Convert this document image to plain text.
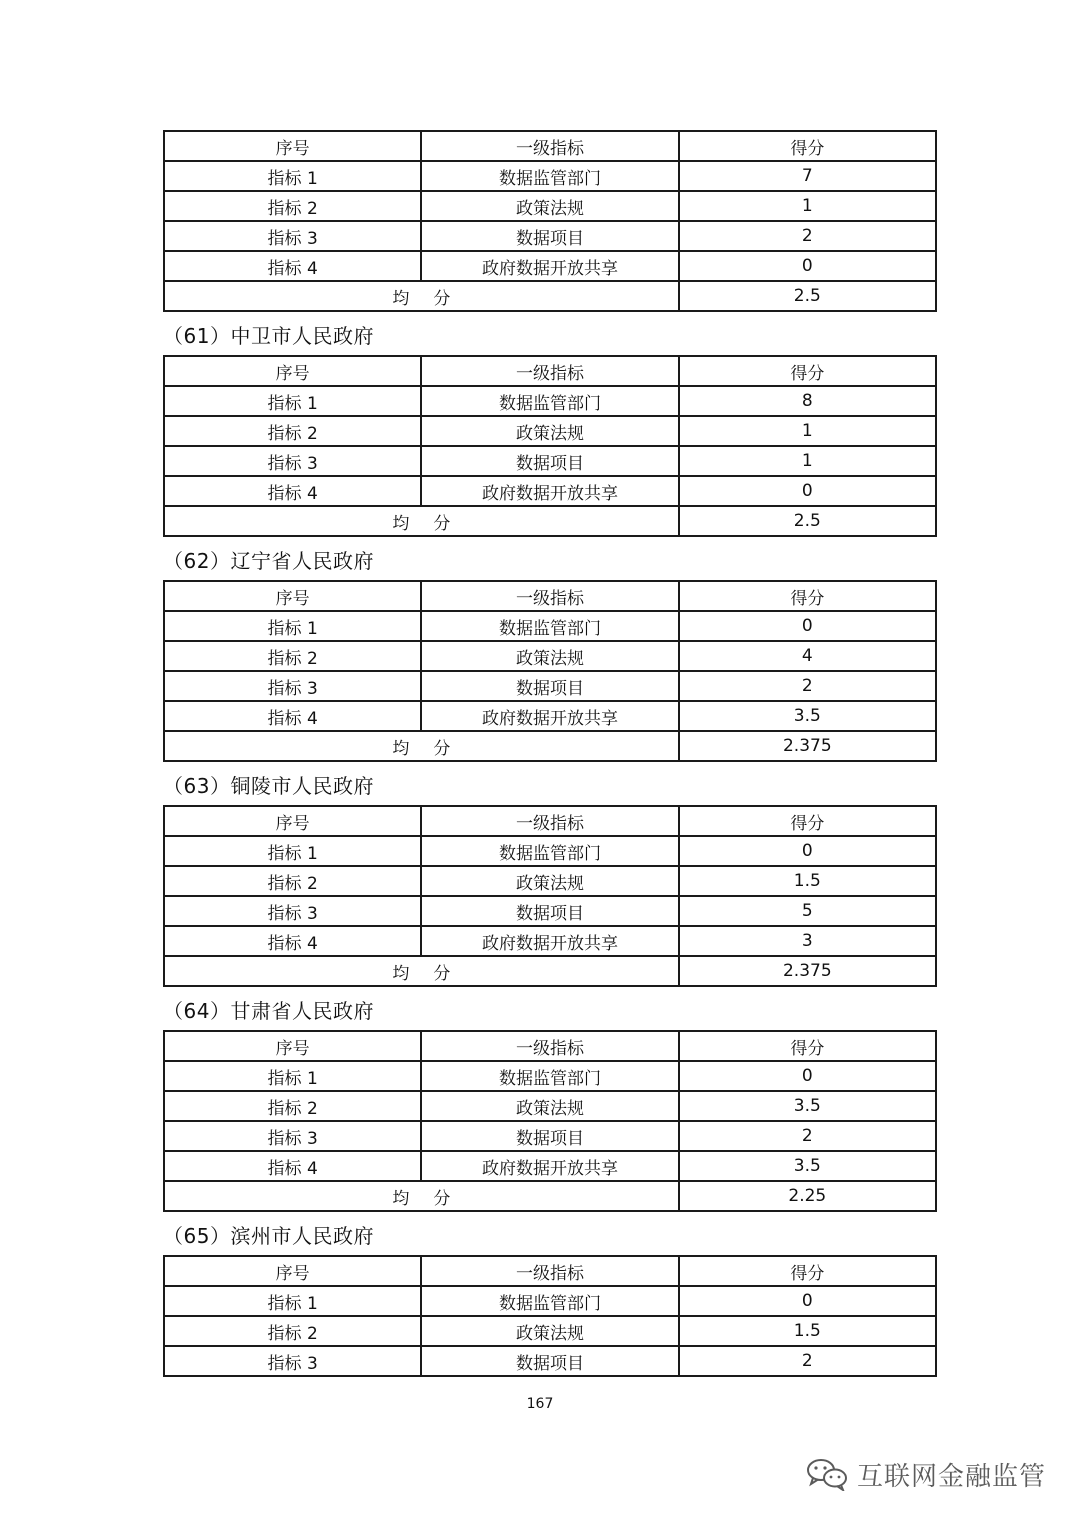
序号	一级指标	得分
指标 1	数据监管部门	7
指标 2	政策法规	1
指标 3	数据项目	2
指标 4	政府数据开放共享	0
均 分		2.5
（61）中卫市人民政府
序号	一级指标	得分
指标 1	数据监管部门	8
指标 2	政策法规	1
指标 3	数据项目	1
指标 4	政府数据开放共享	0
均 分		2.5
（62）辽宁省人民政府
序号	一级指标	得分
指标 1	数据监管部门	0
指标 2	政策法规	4
指标 3	数据项目	2
指标 4	政府数据开放共享	3.5
均 分		2.375
（63）铜陵市人民政府
序号	一级指标	得分
指标 1	数据监管部门	0
指标 2	政策法规	1.5
指标 3	数据项目	5
指标 4	政府数据开放共享	3
均 分		2.375
（64）甘肃省人民政府
序号	一级指标	得分
指标 1	数据监管部门	0
指标 2	政策法规	3.5
指标 3	数据项目	2
指标 4	政府数据开放共享	3.5
均 分		2.25
（65）滨州市人民政府
序号	一级指标	得分
指标 1	数据监管部门	0
指标 2	政策法规	1.5
指标 3	数据项目	2
167
互联网金融监管
